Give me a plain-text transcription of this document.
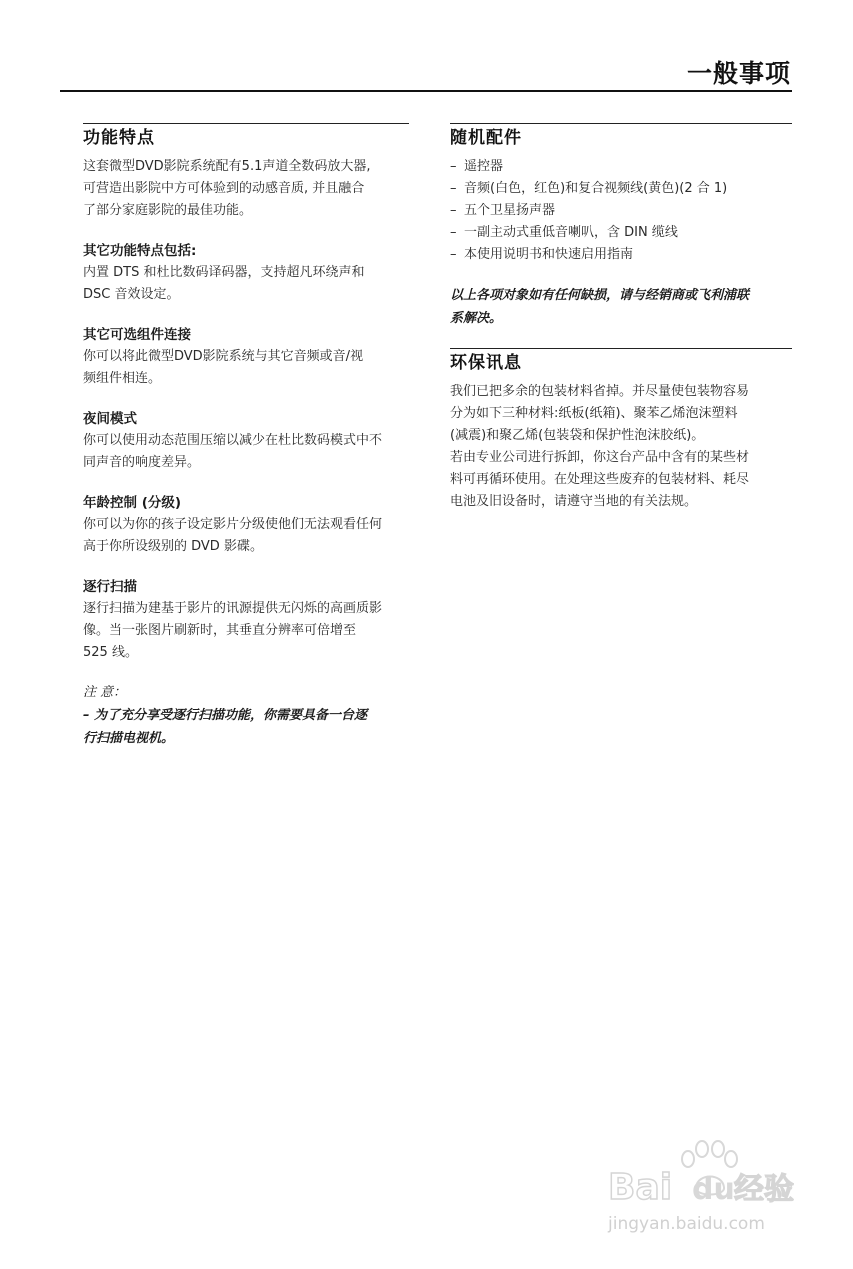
一般事项
功能特点

这套微型DVD影院系统配有5.1声道全数码放大器,

可营造出影院中方可体验到的动感音质, 并且融合

了部分家庭影院的最佳功能。

其它功能特点包括:

内置 DTS 和杜比数码译码器，支持超凡环绕声和

DSC 音效设定。

其它可选组件连接

你可以将此微型DVD影院系统与其它音频或音/视

频组件相连。

夜间模式

你可以使用动态范围压缩以减少在杜比数码模式中不

同声音的响度差异。

年龄控制 (分级)

你可以为你的孩子设定影片分级使他们无法观看任何

高于你所设级别的 DVD 影碟。

逐行扫描

逐行扫描为建基于影片的讯源提供无闪烁的高画质影

像。当一张图片刷新时，其垂直分辨率可倍增至

525 线。

注 意：

– 为了充分享受逐行扫描功能，你需要具备一台逐

行扫描电视机。

随机配件
– 遥控器
– 音频(白色，红色)和复合视频线(黄色)(2 合 1)
– 五个卫星扬声器
– 一副主动式重低音喇叭，含 DIN 缆线
– 本使用说明书和快速启用指南

以上各项对象如有任何缺损，请与经销商或飞利浦联

系解决。

环保讯息

我们已把多余的包装材料省掉。并尽量使包装物容易

分为如下三种材料:纸板(纸箱)、聚苯乙烯泡沫塑料

(减震)和聚乙烯(包装袋和保护性泡沫胶纸)。

若由专业公司进行拆卸，你这台产品中含有的某些材

料可再循环使用。在处理这些废弃的包装材料、耗尽

电池及旧设备时，请遵守当地的有关法规。

Bai du 经验
jingyan.baidu.com
